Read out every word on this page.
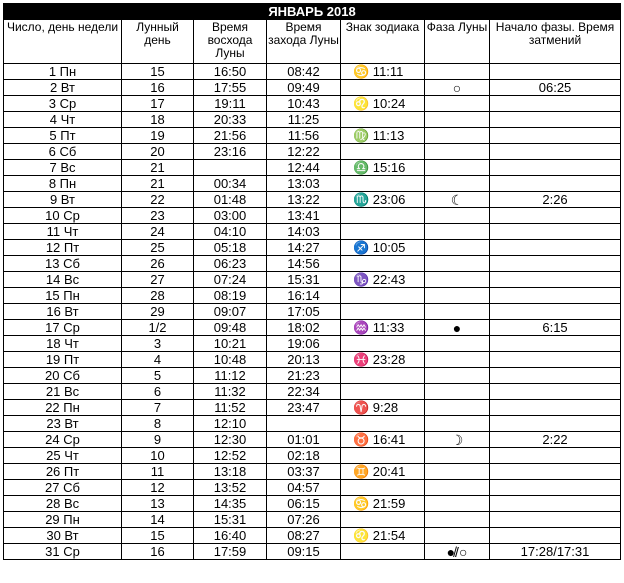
ЯНВАРЬ 2018						
Число, день недели	Лунный день	Время восхода Луны	Время захода Луны	Знак зодиака	Фаза Луны	Начало фазы. Время затмений
1 Пн	15	16:50	08:42	♋ 11:11		
2 Вт	16	17:55	09:49		○	06:25
3 Ср	17	19:11	10:43	♌ 10:24		
4 Чт	18	20:33	11:25			
5 Пт	19	21:56	11:56	♍ 11:13		
6 Сб	20	23:16	12:22			
7 Вс	21		12:44	♎ 15:16		
8 Пн	21	00:34	13:03			
9 Вт	22	01:48	13:22	♏ 23:06	☾	2:26
10 Ср	23	03:00	13:41			
11 Чт	24	04:10	14:03			
12 Пт	25	05:18	14:27	♐ 10:05		
13 Сб	26	06:23	14:56			
14 Вс	27	07:24	15:31	♑ 22:43		
15 Пн	28	08:19	16:14			
16 Вт	29	09:07	17:05			
17 Ср	1/2	09:48	18:02	♒ 11:33	●	6:15
18 Чт	3	10:21	19:06			
19 Пт	4	10:48	20:13	♓ 23:28		
20 Сб	5	11:12	21:23			
21 Вс	6	11:32	22:34			
22 Пн	7	11:52	23:47	♈ 9:28		
23 Вт	8	12:10				
24 Ср	9	12:30	01:01	♉ 16:41	☽	2:22
25 Чт	10	12:52	02:18			
26 Пт	11	13:18	03:37	♊ 20:41		
27 Сб	12	13:52	04:57			
28 Вс	13	14:35	06:15	♋ 21:59		
29 Пн	14	15:31	07:26			
30 Вт	15	16:40	08:27	♌ 21:54		
31 Ср	16	17:59	09:15		●̸/○	17:28/17:31
